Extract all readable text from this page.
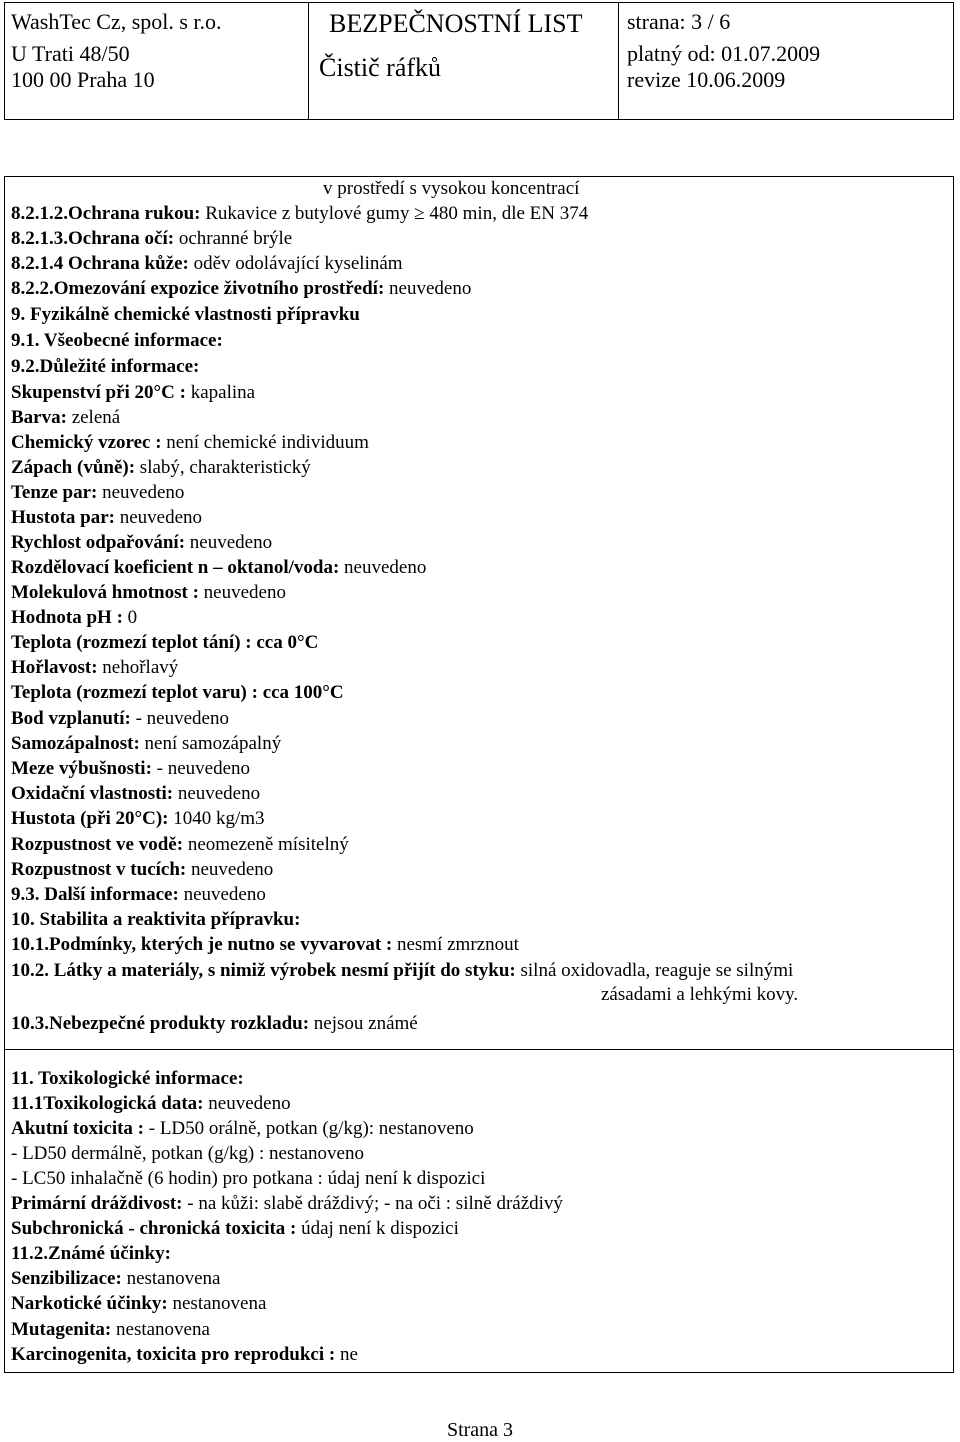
WashTec Cz, spol. s r.o.
U Trati 48/50
100 00 Praha 10
BEZPEČNOSTNÍ LIST
Čistič ráfků
strana: 3 / 6
platný od: 01.07.2009
revize 10.06.2009
v prostředí s vysokou koncentrací
8.2.1.2.Ochrana rukou: Rukavice z butylové gumy ≥ 480 min, dle EN 374
8.2.1.3.Ochrana očí: ochranné brýle
8.2.1.4 Ochrana kůže: oděv odolávající kyselinám
8.2.2.Omezování expozice životního prostředí: neuvedeno
9. Fyzikálně chemické vlastnosti přípravku
9.1. Všeobecné informace:
9.2.Důležité informace:
Skupenství při 20°C : kapalina
Barva: zelená
Chemický vzorec : není chemické individuum
Zápach (vůně): slabý, charakteristický
Tenze par: neuvedeno
Hustota par: neuvedeno
Rychlost odpařování: neuvedeno
Rozdělovací koeficient n – oktanol/voda: neuvedeno
Molekulová hmotnost : neuvedeno
Hodnota pH : 0
Teplota (rozmezí teplot tání) : cca 0°C
Hořlavost: nehořlavý
Teplota (rozmezí teplot varu) : cca 100°C
Bod vzplanutí: - neuvedeno
Samozápalnost: není samozápalný
Meze výbušnosti: - neuvedeno
Oxidační vlastnosti: neuvedeno
Hustota (při 20°C): 1040 kg/m3
Rozpustnost ve vodě: neomezeně mísitelný
Rozpustnost v tucích: neuvedeno
9.3. Další informace: neuvedeno
10. Stabilita a reaktivita přípravku:
10.1.Podmínky, kterých je nutno se vyvarovat : nesmí zmrznout
10.2. Látky a materiály, s nimiž výrobek nesmí přijít do styku: silná oxidovadla, reaguje se silnými
zásadami a lehkými kovy.
10.3.Nebezpečné produkty rozkladu: nejsou známé
11. Toxikologické informace:
11.1Toxikologická data: neuvedeno
Akutní toxicita : - LD50 orálně, potkan (g/kg): nestanoveno
- LD50 dermálně, potkan (g/kg) : nestanoveno
- LC50 inhalačně (6 hodin) pro potkana : údaj není k dispozici
Primární dráždivost: - na kůži: slabě dráždivý; - na oči : silně dráždivý
Subchronická - chronická toxicita : údaj není k dispozici
11.2.Známé účinky:
Senzibilizace: nestanovena
Narkotické účinky: nestanovena
Mutagenita: nestanovena
Karcinogenita, toxicita pro reprodukci : ne
Strana 3
